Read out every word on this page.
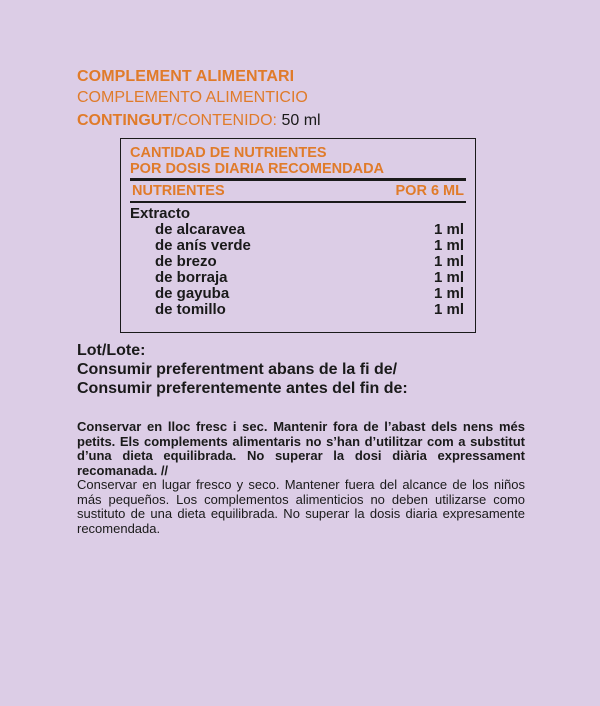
COMPLEMENT ALIMENTARI
COMPLEMENTO ALIMENTICIO
CONTINGUT/CONTENIDO: 50 ml
CANTIDAD DE NUTRIENTES
POR DOSIS DIARIA RECOMENDADA
NUTRIENTES	POR 6 ML
Extracto
de alcaravea	1 ml
de anís verde	1 ml
de brezo	1 ml
de borraja	1 ml
de gayuba	1 ml
de tomillo	1 ml
Lot/Lote:
Consumir preferentment abans de la fi de/
Consumir preferentemente antes del fin de:
Conservar en lloc fresc i sec. Mantenir fora de l’abast dels nens més petits. Els complements alimentaris no s’han d’utilitzar com a substitut d’una dieta equilibrada. No superar la dosi diària expressament recomanada. //
Conservar en lugar fresco y seco. Mantener fuera del alcance de los niños más pequeños. Los complementos alimenticios no deben utilizarse como sustituto de una dieta equilibrada. No superar la dosis diaria expresamente recomendada.
